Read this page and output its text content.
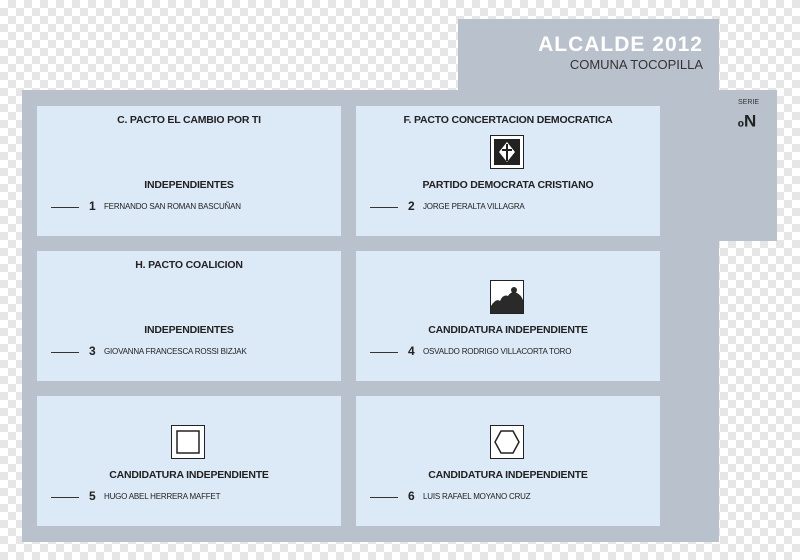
ALCALDE 2012
COMUNA TOCOPILLA
SERIE
Nº
C. PACTO EL CAMBIO POR TI
INDEPENDIENTES
1 FERNANDO SAN ROMAN BASCUÑAN
F. PACTO CONCERTACION DEMOCRATICA
PARTIDO DEMOCRATA CRISTIANO
2 JORGE PERALTA VILLAGRA
H. PACTO COALICION
INDEPENDIENTES
3 GIOVANNA FRANCESCA ROSSI BIZJAK
CANDIDATURA INDEPENDIENTE
4 OSVALDO RODRIGO VILLACORTA TORO
CANDIDATURA INDEPENDIENTE
5 HUGO ABEL HERRERA MAFFET
CANDIDATURA INDEPENDIENTE
6 LUIS RAFAEL MOYANO CRUZ
